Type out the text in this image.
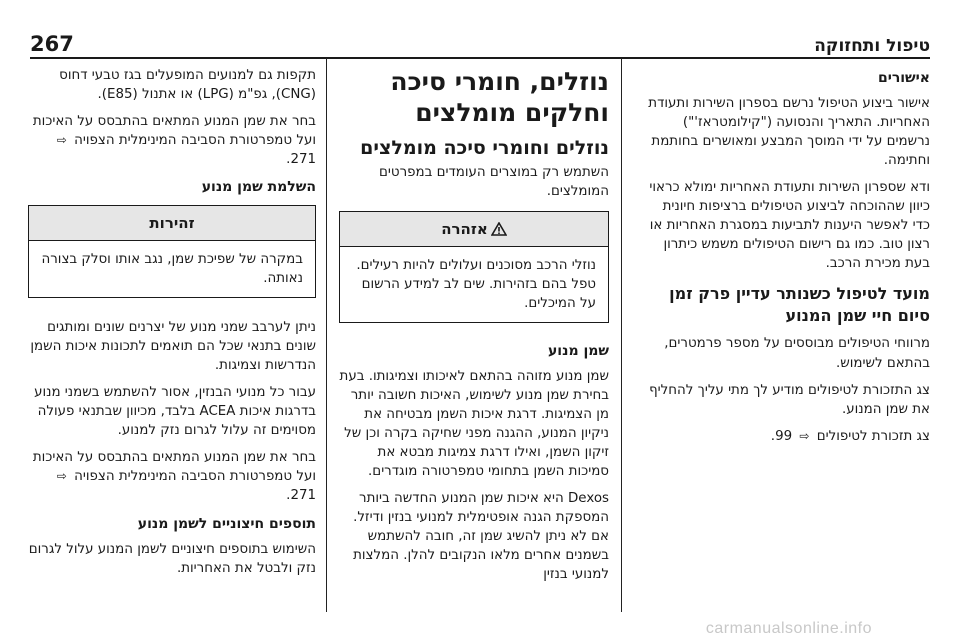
טיפול ותחזוקה
267
אישורים

אישור ביצוע הטיפול נרשם בספרון השירות ותעודת האחריות. התאריך והנסועה ("קילומטראז'") נרשמים על ידי המוסך המבצע ומאושרים בחותמת וחתימה.

ודא שספרון השירות ותעודת האחריות ימולא כראוי כיוון שההוכחה לביצוע הטיפולים ברציפות חיונית כדי לאפשר היענות לתביעות במסגרת האחריות או רצון טוב. כמו גם רישום הטיפולים משמש כיתרון בעת מכירת הרכב.

מועד לטיפול כשנותר עדיין פרק זמן סיום חיי שמן המנוע

מרווחי הטיפולים מבוססים על מספר פרמטרים, בהתאם לשימוש.

צג התזכורת לטיפולים מודיע לך מתי עליך להחליף את שמן המנוע.

צג תזכורת לטיפולים ⇨ 99.

נוזלים, חומרי סיכה וחלקים מומלצים
נוזלים וחומרי סיכה מומלצים

השתמש רק במוצרים העומדים במפרטים המומלצים.

אזהרה
נוזלי הרכב מסוכנים ועלולים להיות רעילים. טפל בהם בזהירות. שים לב למידע הרשום על המיכלים.
שמן מנוע

שמן מנוע מזוהה בהתאם לאיכותו וצמיגותו. בעת בחירת שמן מנוע לשימוש, האיכות חשובה יותר מן הצמיגות. דרגת איכות השמן מבטיחה את ניקיון המנוע, ההגנה מפני שחיקה בקרה וכן של זיקון השמן, ואילו דרגת צמיגות מבטא את סמיכות השמן בתחומי טמפרטורה מוגדרים.

Dexos היא איכות שמן המנוע החדשה ביותר המספקת הגנה אופטימלית למנועי בנזין ודיזל. אם לא ניתן להשיג שמן זה, חובה להשתמש בשמנים אחרים מלאו הנקובים להלן. המלצות למנועי בנזין

תקפות גם למנועים המופעלים בגז טבעי דחוס (CNG), גפ"מ (LPG) או אתנול (E85).

בחר את שמן המנוע המתאים בהתבסס על האיכות ועל טמפרטורת הסביבה המינימלית הצפויה ⇨ 271.

השלמת שמן מנוע
זהירות
במקרה של שפיכת שמן, נגב אותו וסלק בצורה נאותה.

ניתן לערבב שמני מנוע של יצרנים שונים ומותגים שונים בתנאי שכל הם תואמים לתכונות איכות השמן הנדרשות וצמיגות.

עבור כל מנועי הבנזין, אסור להשתמש בשמני מנוע בדרגות איכות ACEA בלבד, מכיוון שבתנאי פעולה מסוימים זה עלול לגרום נזק למנוע.

בחר את שמן המנוע המתאים בהתבסס על האיכות ועל טמפרטורת הסביבה המינימלית הצפויה ⇨ 271.

תוספים חיצוניים לשמן מנוע

השימוש בתוספים חיצוניים לשמן המנוע עלול לגרום נזק ולבטל את האחריות.

carmanualsonline.info
